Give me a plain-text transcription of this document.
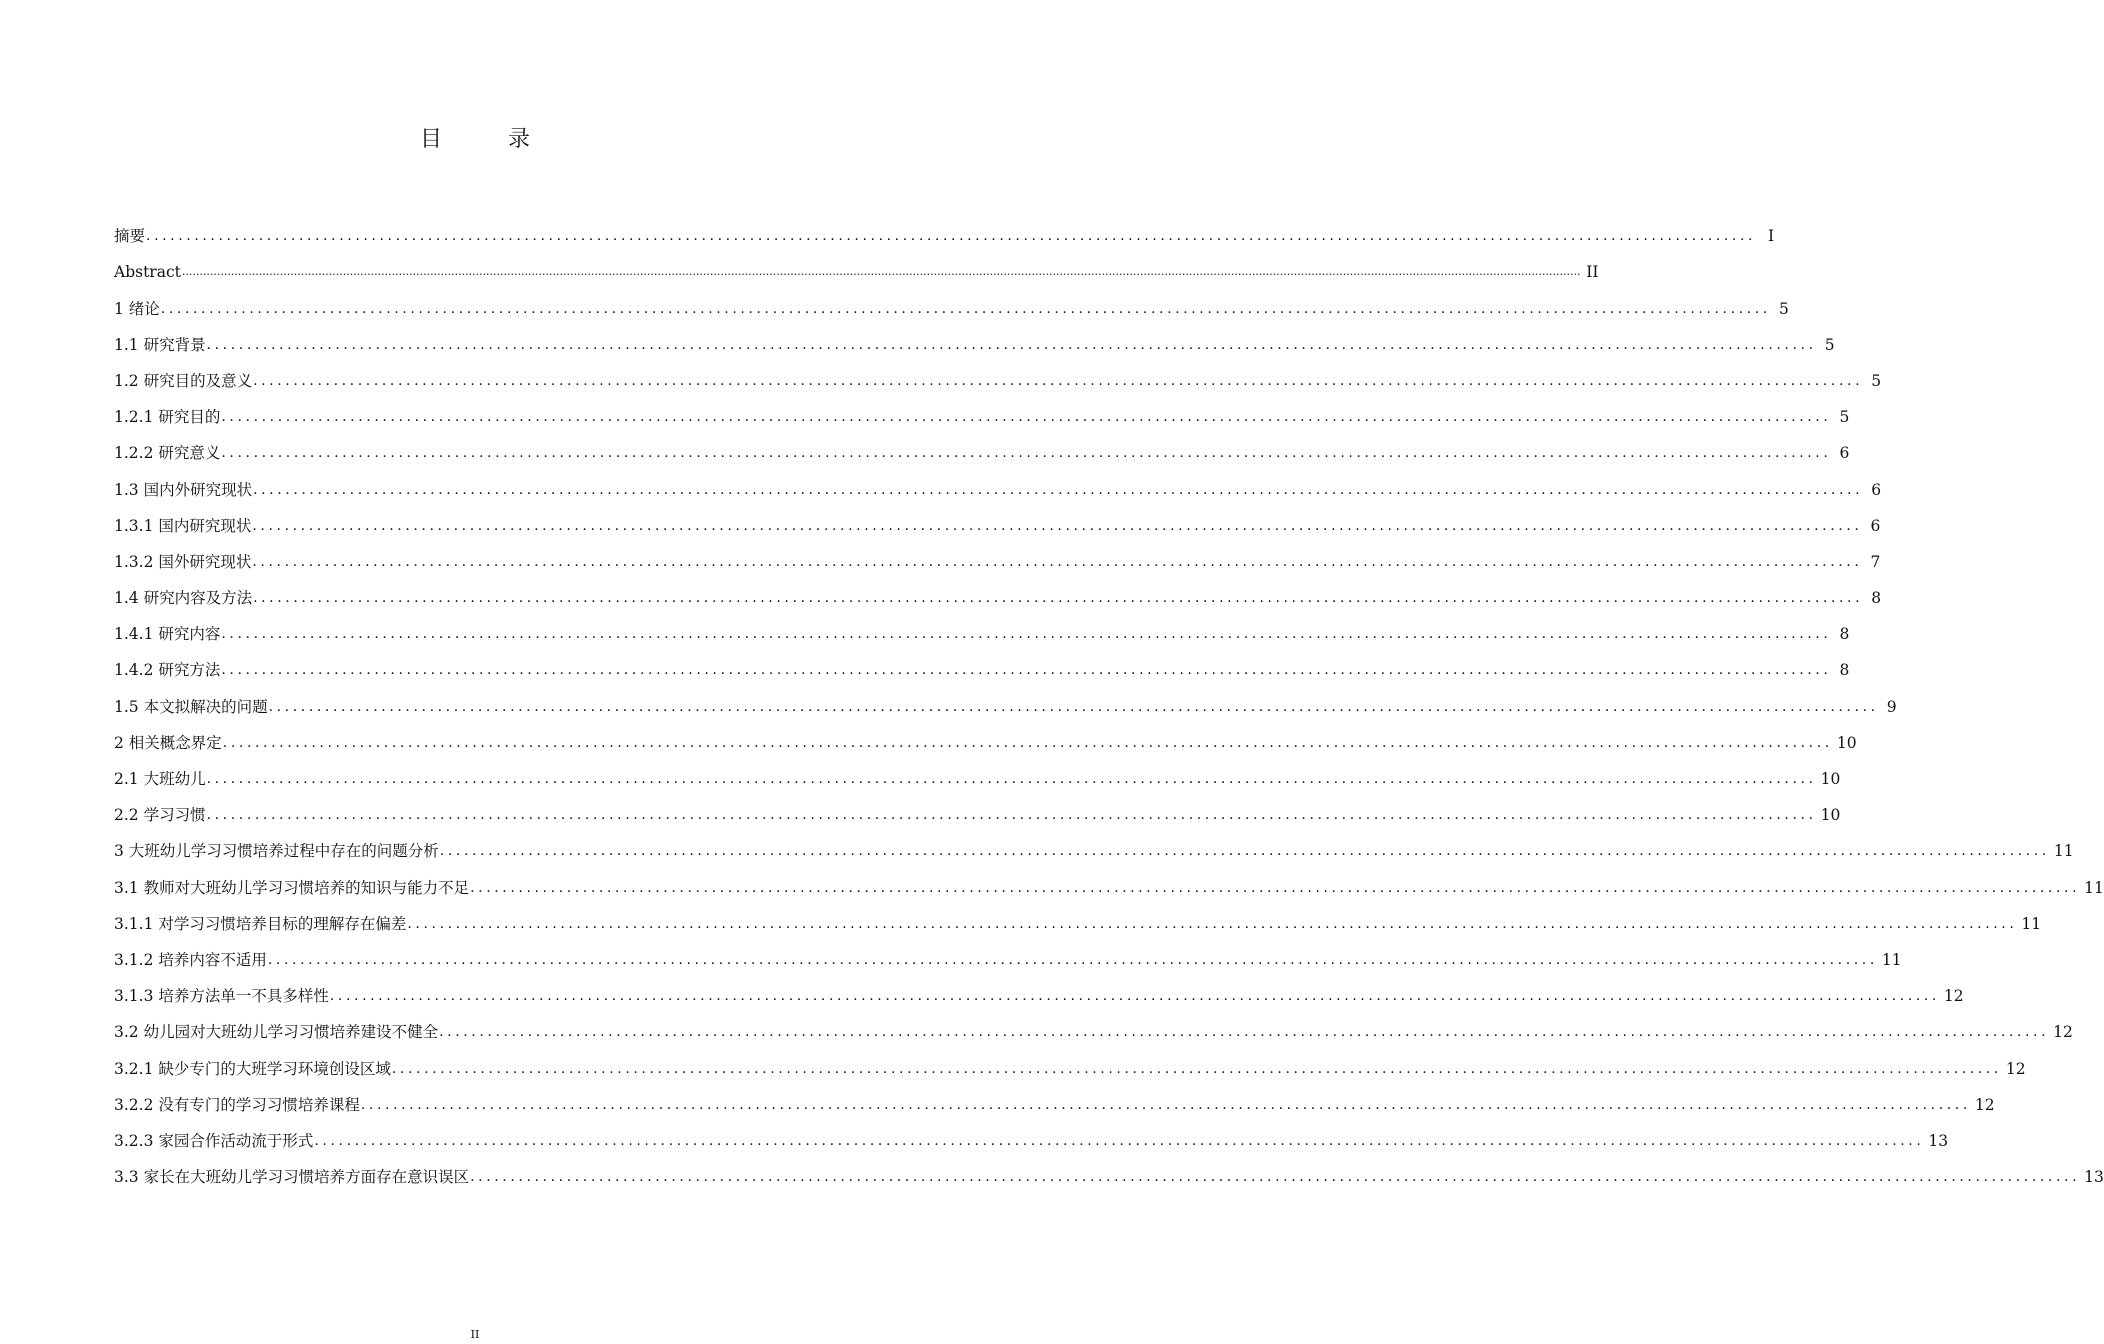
目　录
摘要 ........................................................................................................................................................................................................ I
Abstract ................................................................................................................................................................................................................................................................................................................................................................................................................ II
1 绪论 ........................................................................................................................................................................................................ 5
1.1 研究背景 ........................................................................................................................................................................................................ 5
1.2 研究目的及意义 ........................................................................................................................................................................................................ 5
1.2.1 研究目的 ........................................................................................................................................................................................................ 5
1.2.2 研究意义 ........................................................................................................................................................................................................ 6
1.3 国内外研究现状 ........................................................................................................................................................................................................ 6
1.3.1 国内研究现状 ........................................................................................................................................................................................................ 6
1.3.2 国外研究现状 ........................................................................................................................................................................................................ 7
1.4 研究内容及方法 ........................................................................................................................................................................................................ 8
1.4.1 研究内容 ........................................................................................................................................................................................................ 8
1.4.2 研究方法 ........................................................................................................................................................................................................ 8
1.5 本文拟解决的问题 ........................................................................................................................................................................................................ 9
2 相关概念界定 ........................................................................................................................................................................................................ 10
2.1 大班幼儿 ........................................................................................................................................................................................................ 10
2.2 学习习惯 ........................................................................................................................................................................................................ 10
3 大班幼儿学习习惯培养过程中存在的问题分析 ........................................................................................................................................................................................................ 11
3.1 教师对大班幼儿学习习惯培养的知识与能力不足 ........................................................................................................................................................................................................ 11
3.1.1 对学习习惯培养目标的理解存在偏差 ........................................................................................................................................................................................................ 11
3.1.2 培养内容不适用 ........................................................................................................................................................................................................ 11
3.1.3 培养方法单一不具多样性 ........................................................................................................................................................................................................ 12
3.2 幼儿园对大班幼儿学习习惯培养建设不健全 ........................................................................................................................................................................................................ 12
3.2.1 缺少专门的大班学习环境创设区域 ........................................................................................................................................................................................................ 12
3.2.2 没有专门的学习习惯培养课程 ........................................................................................................................................................................................................ 12
3.2.3 家园合作活动流于形式 ........................................................................................................................................................................................................ 13
3.3 家长在大班幼儿学习习惯培养方面存在意识误区 ........................................................................................................................................................................................................ 13
II
